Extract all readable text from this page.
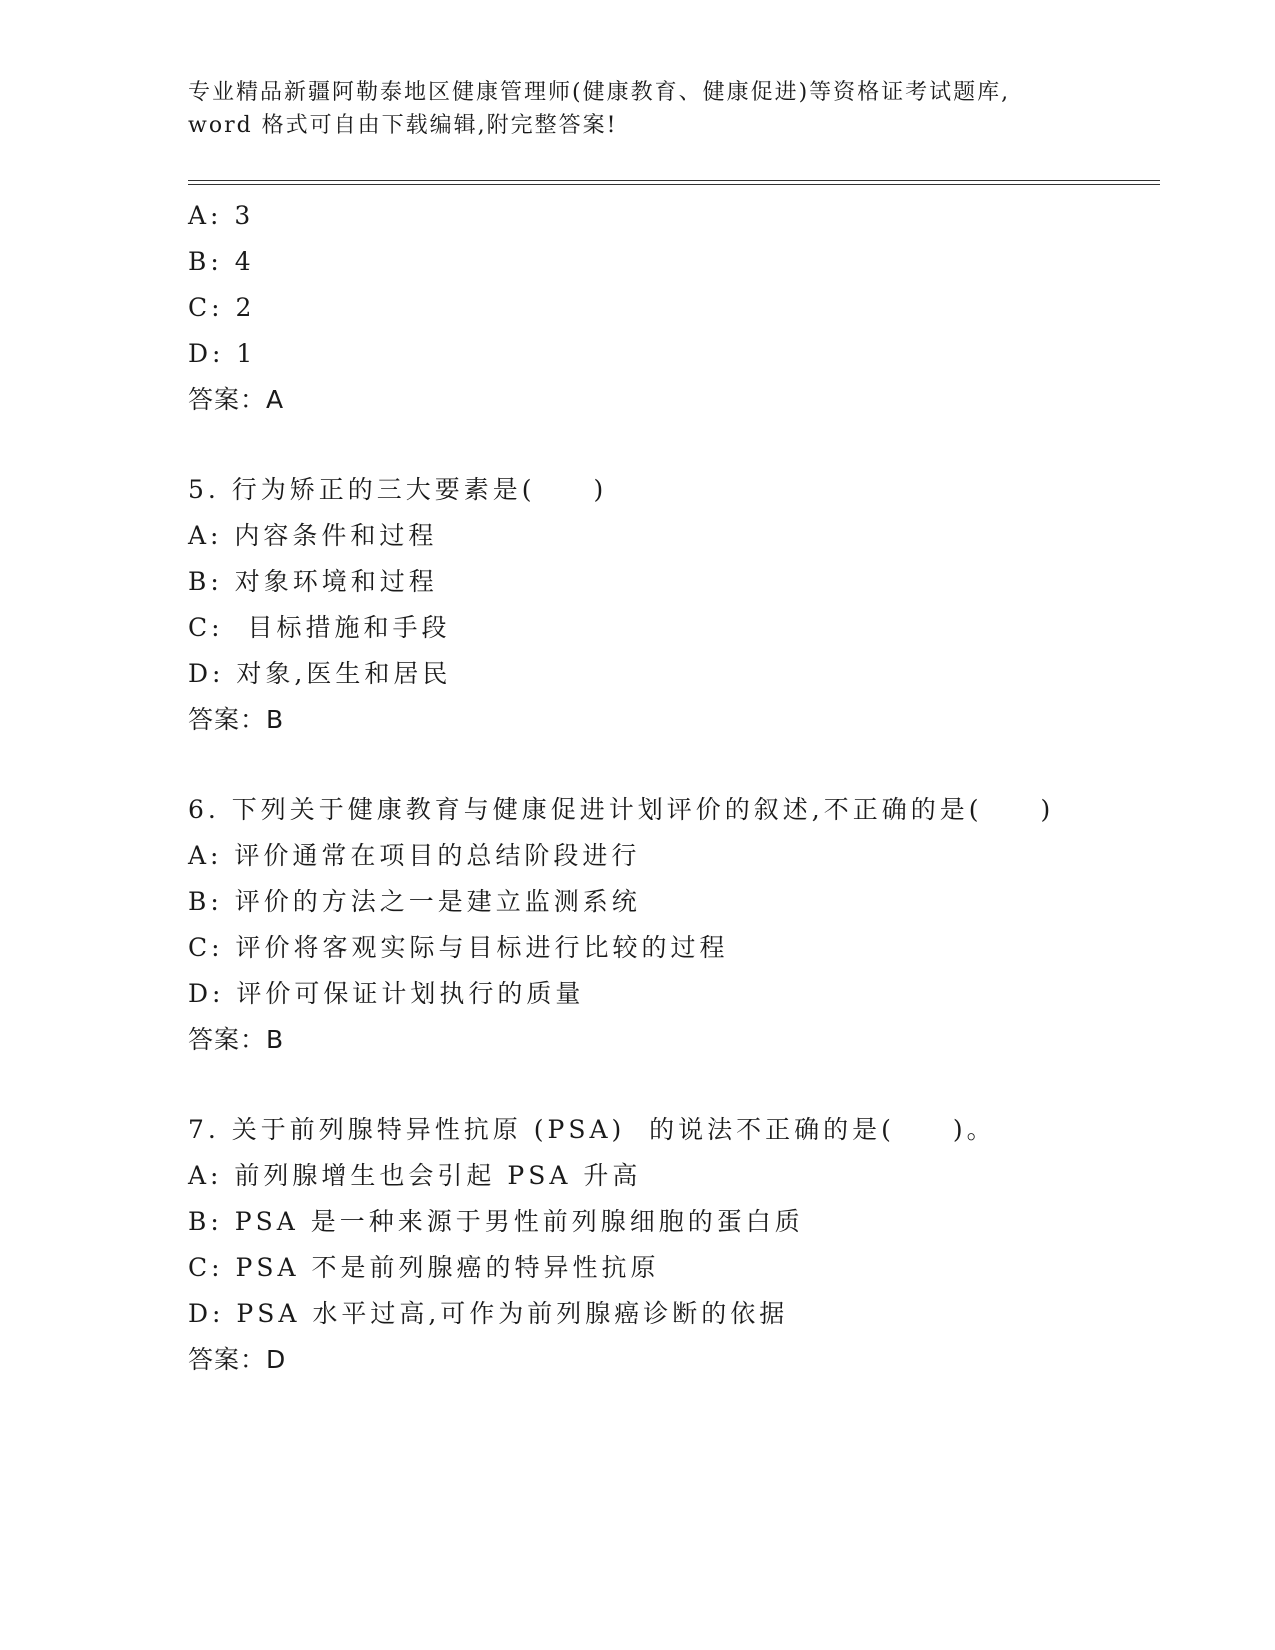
专业精品新疆阿勒泰地区健康管理师(健康教育、健康促进)等资格证考试题库,
word 格式可自由下载编辑,附完整答案!
A: 3
B: 4
C: 2
D: 1
答案：A
5. 行为矫正的三大要素是(　　)
A: 内容条件和过程
B: 对象环境和过程
C:  目标措施和手段
D: 对象,医生和居民
答案：B
6. 下列关于健康教育与健康促进计划评价的叙述,不正确的是(　　)
A: 评价通常在项目的总结阶段进行
B: 评价的方法之一是建立监测系统
C: 评价将客观实际与目标进行比较的过程
D: 评价可保证计划执行的质量
答案：B
7. 关于前列腺特异性抗原 (PSA)  的说法不正确的是(　　)。
A: 前列腺增生也会引起 PSA 升高
B: PSA 是一种来源于男性前列腺细胞的蛋白质
C: PSA 不是前列腺癌的特异性抗原
D: PSA 水平过高,可作为前列腺癌诊断的依据
答案：D
